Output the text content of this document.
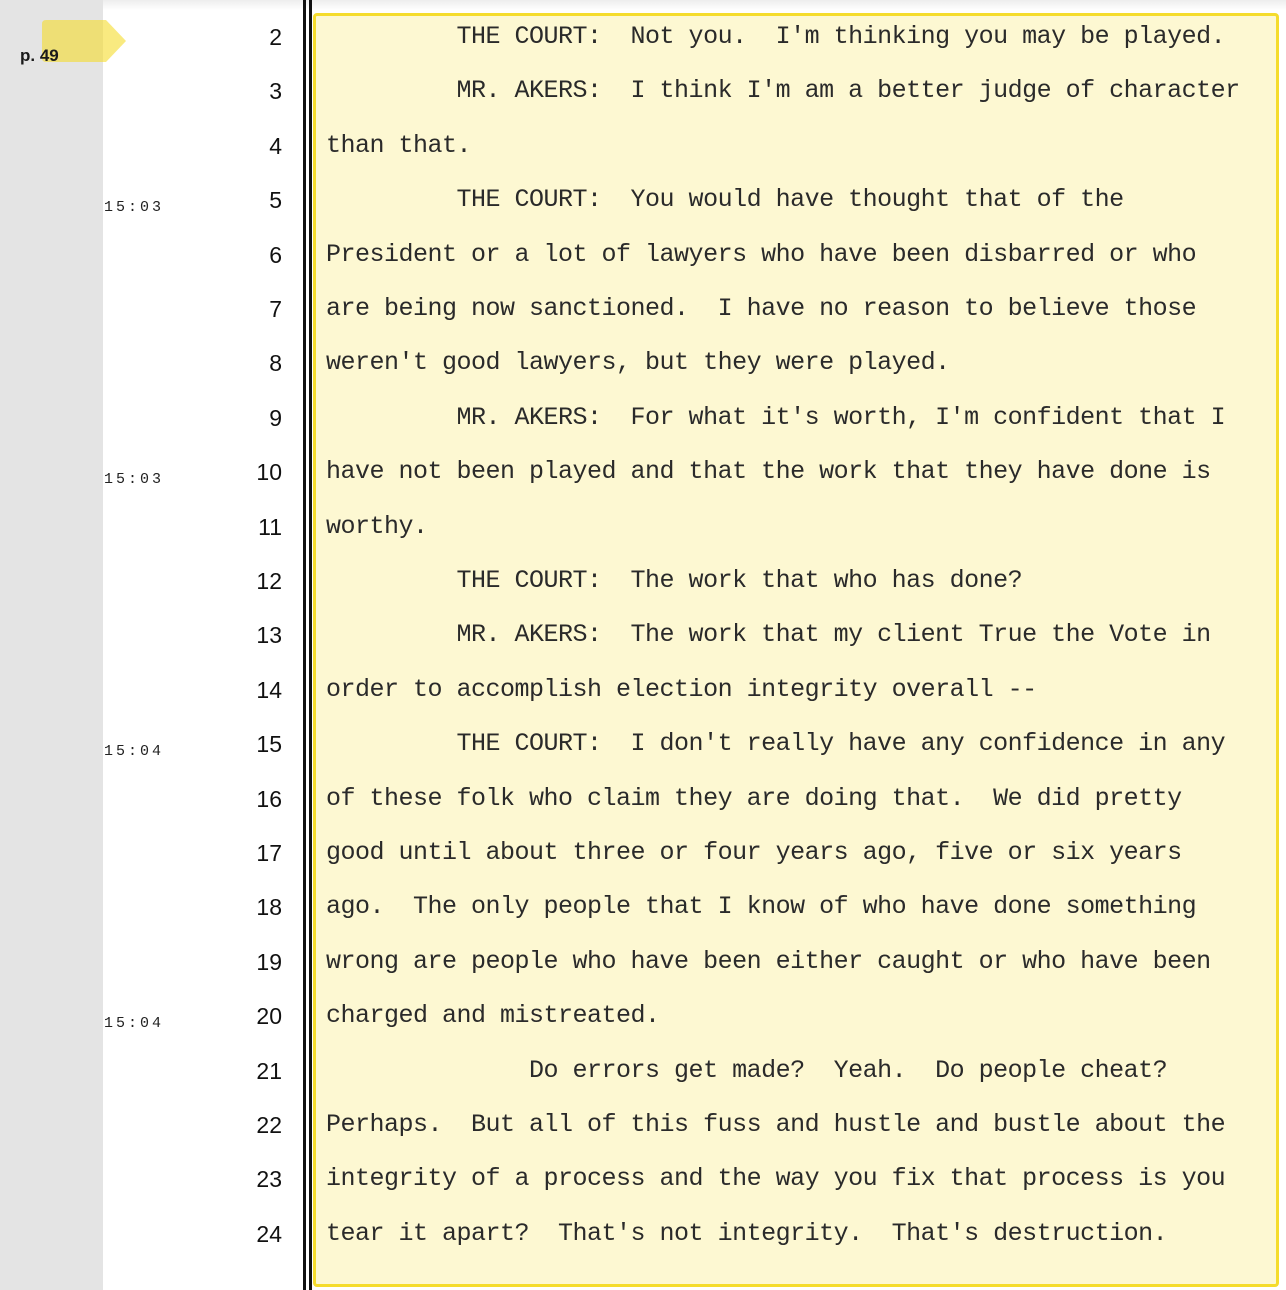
p. 49
2 THE COURT:  Not you.  I'm thinking you may be played.
3 MR. AKERS:  I think I'm am a better judge of character
4 than that.
15:03	5 THE COURT:  You would have thought that of the
6 President or a lot of lawyers who have been disbarred or who
7 are being now sanctioned.  I have no reason to believe those
8 weren't good lawyers, but they were played.
9 MR. AKERS:  For what it's worth, I'm confident that I
15:03	10 have not been played and that the work that they have done is
11 worthy.
12 THE COURT:  The work that who has done?
13 MR. AKERS:  The work that my client True the Vote in
14 order to accomplish election integrity overall --
15:04	15 THE COURT:  I don't really have any confidence in any
16 of these folk who claim they are doing that.  We did pretty
17 good until about three or four years ago, five or six years
18 ago.  The only people that I know of who have done something
19 wrong are people who have been either caught or who have been
15:04	20 charged and mistreated.
21 Do errors get made?  Yeah.  Do people cheat?
22 Perhaps.  But all of this fuss and hustle and bustle about the
23 integrity of a process and the way you fix that process is you
24 tear it apart?  That's not integrity.  That's destruction.
